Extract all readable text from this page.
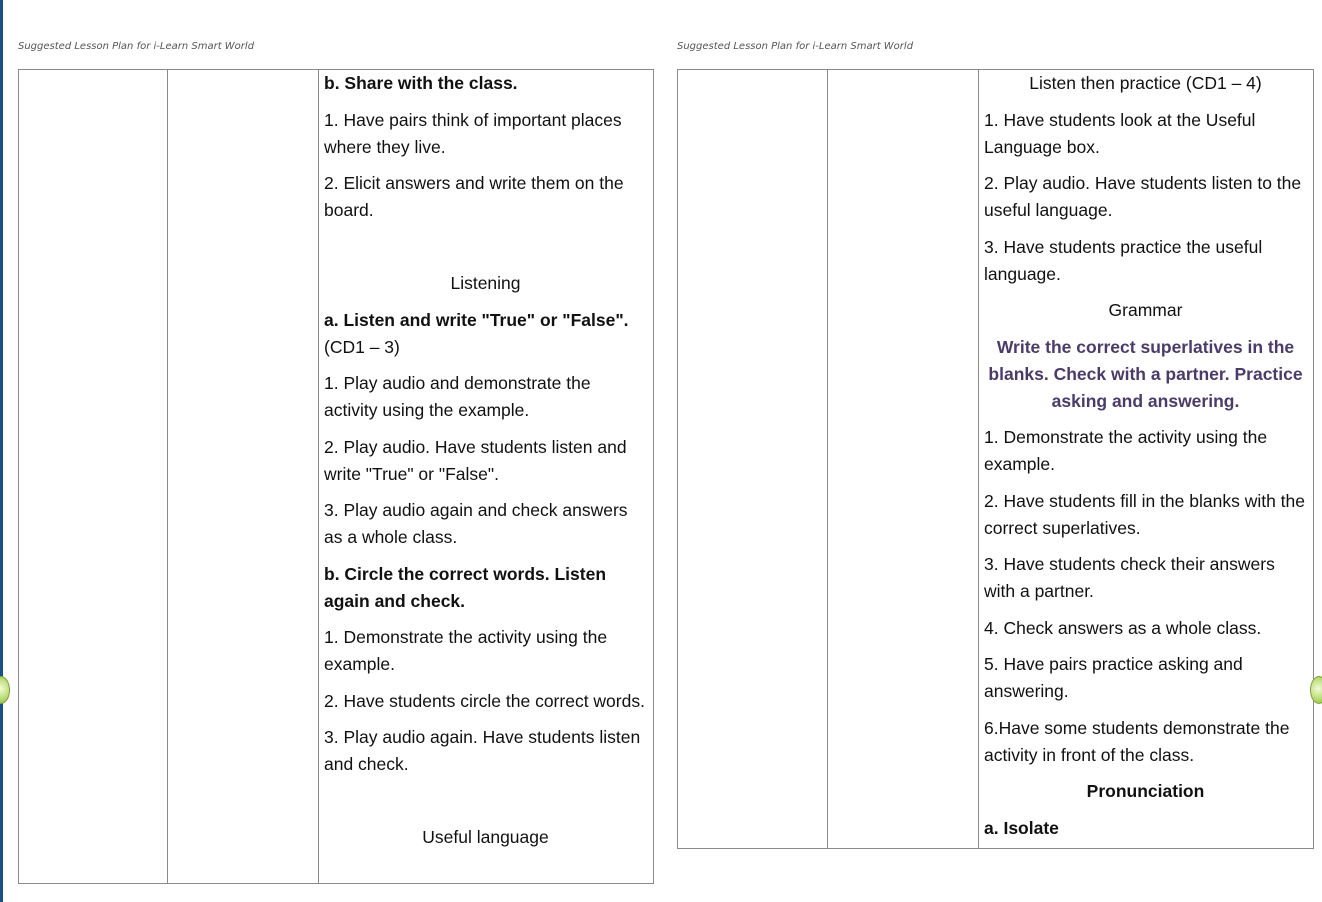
Suggested Lesson Plan for i-Learn Smart World	Suggested Lesson Plan for i-Learn Smart World

b. Share with the class.

1. Have pairs think of important places where they live.

2. Elicit answers and write them on the board.

Listening

a. Listen and write "True" or "False".
(CD1 – 3)

1. Play audio and demonstrate the activity using the example.

2. Play audio. Have students listen and write "True" or "False".

3. Play audio again and check answers as a whole class.

b. Circle the correct words. Listen again and check.

1. Demonstrate the activity using the example.

2. Have students circle the correct words.

3. Play audio again. Have students listen and check.

Useful language

Listen then practice (CD1 – 4)

1. Have students look at the Useful Language box.

2. Play audio. Have students listen to the useful language.

3. Have students practice the useful language.

Grammar

Write the correct superlatives in the blanks. Check with a partner. Practice asking and answering.

1. Demonstrate the activity using the example.

2. Have students fill in the blanks with the correct superlatives.

3. Have students check their answers with a partner.

4. Check answers as a whole class.

5. Have pairs practice asking and answering.

6.Have some students demonstrate the activity in front of the class.

Pronunciation

a. Isolate
